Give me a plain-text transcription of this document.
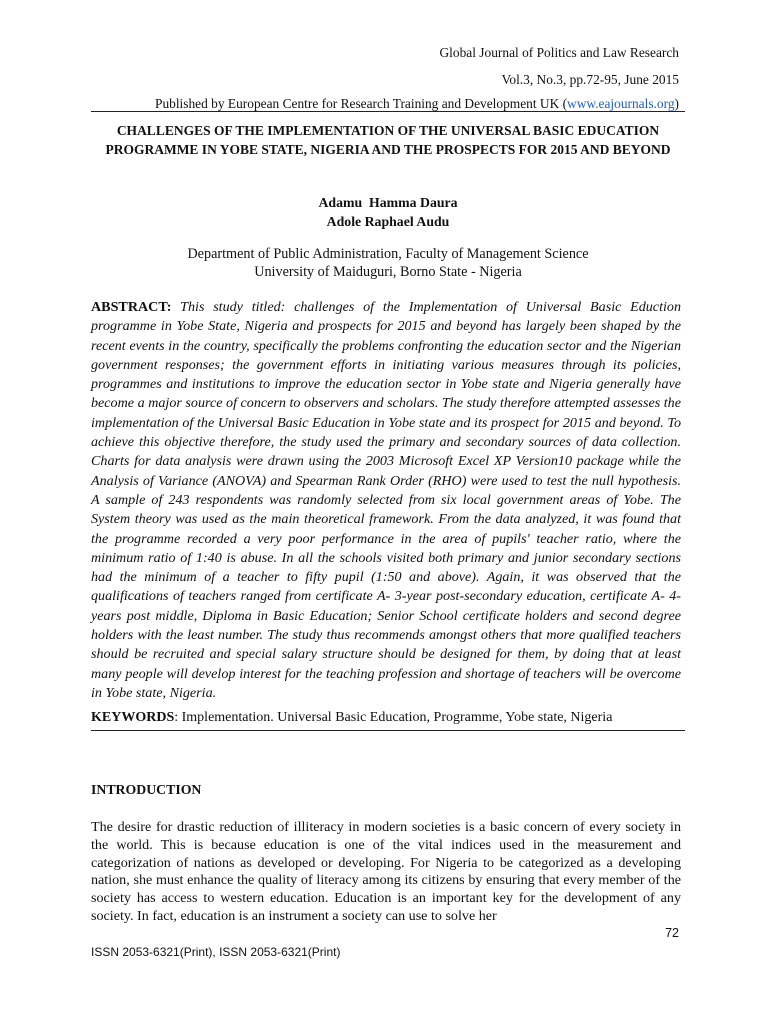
Global Journal of Politics and Law Research
Vol.3, No.3, pp.72-95, June 2015
Published by European Centre for Research Training and Development UK (www.eajournals.org)
CHALLENGES OF THE IMPLEMENTATION OF THE UNIVERSAL BASIC EDUCATION PROGRAMME IN YOBE STATE, NIGERIA AND THE PROSPECTS FOR 2015 AND BEYOND
Adamu  Hamma Daura
Adole Raphael Audu
Department of Public Administration, Faculty of Management Science
University of Maiduguri, Borno State - Nigeria
ABSTRACT: This study titled: challenges of the Implementation of Universal Basic Eduction programme in Yobe State, Nigeria and prospects for 2015 and beyond has largely been shaped by the recent events in the country, specifically the problems confronting the education sector and the Nigerian government responses; the government efforts in initiating various measures through its policies, programmes and institutions to improve the education sector in Yobe state and Nigeria generally have become a major source of concern to observers and scholars. The study therefore attempted assesses the implementation of the Universal Basic Education in Yobe state and its prospect for 2015 and beyond. To achieve this objective therefore, the study used the primary and secondary sources of data collection. Charts for data analysis were drawn using the 2003 Microsoft Excel XP Version10 package while the Analysis of Variance (ANOVA) and Spearman Rank Order (RHO) were used to test the null hypothesis. A sample of 243 respondents was randomly selected from six local government areas of Yobe. The System theory was used as the main theoretical framework. From the data analyzed, it was found that the programme recorded a very poor performance in the area of pupils' teacher ratio, where the minimum ratio of 1:40 is abuse. In all the schools visited both primary and junior secondary sections had the minimum of a teacher to fifty pupil (1:50 and above). Again, it was observed that the qualifications of teachers ranged from certificate A- 3-year post-secondary education, certificate A- 4-years post middle, Diploma in Basic Education; Senior School certificate holders and second degree holders with the least number. The study thus recommends amongst others that more qualified teachers should be recruited and special salary structure should be designed for them, by doing that at least many people will develop interest for the teaching profession and shortage of teachers will be overcome in Yobe state, Nigeria.
KEYWORDS: Implementation. Universal Basic Education, Programme, Yobe state, Nigeria
INTRODUCTION
The desire for drastic reduction of illiteracy in modern societies is a basic concern of every society in the world. This is because education is one of the vital indices used in the measurement and categorization of nations as developed or developing. For Nigeria to be categorized as a developing nation, she must enhance the quality of literacy among its citizens by ensuring that every member of the society has access to western education. Education is an important key for the development of any society. In fact, education is an instrument a society can use to solve her
72
ISSN 2053-6321(Print), ISSN 2053-6321(Print)
